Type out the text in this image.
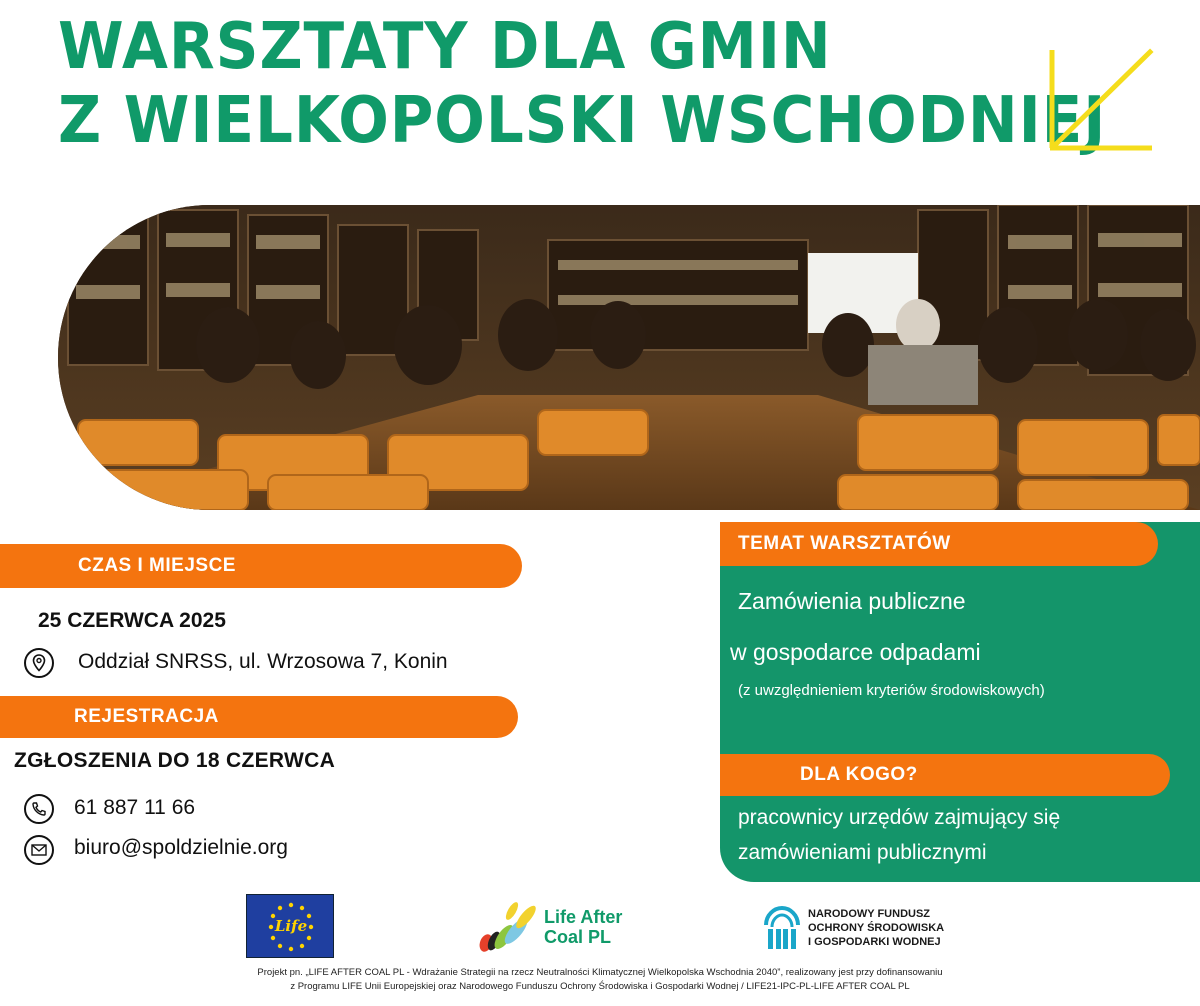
WARSZTATY DLA GMIN
Z WIELKOPOLSKI WSCHODNIEJ
CZAS I MIEJSCE
25 CZERWCA 2025
Oddział SNRSS, ul. Wrzosowa 7, Konin
REJESTRACJA
ZGŁOSZENIA DO 18 CZERWCA
61 887 11 66
biuro@spoldzielnie.org
Zamówienia publiczne
w gospodarce odpadami
(z uwzględnieniem kryteriów środowiskowych)
pracownicy urzędów zajmujący się
zamówieniami publicznymi
TEMAT WARSZTATÓW
DLA KOGO?
Life	Life After
Coal PL
NARODOWY FUNDUSZ
OCHRONY ŚRODOWISKA
I GOSPODARKI WODNEJ
Projekt pn. „LIFE AFTER COAL PL - Wdrażanie Strategii na rzecz Neutralności Klimatycznej Wielkopolska Wschodnia 2040”, realizowany jest przy dofinansowaniu
z Programu LIFE Unii Europejskiej oraz Narodowego Funduszu Ochrony Środowiska i Gospodarki Wodnej / LIFE21-IPC-PL-LIFE AFTER COAL PL
